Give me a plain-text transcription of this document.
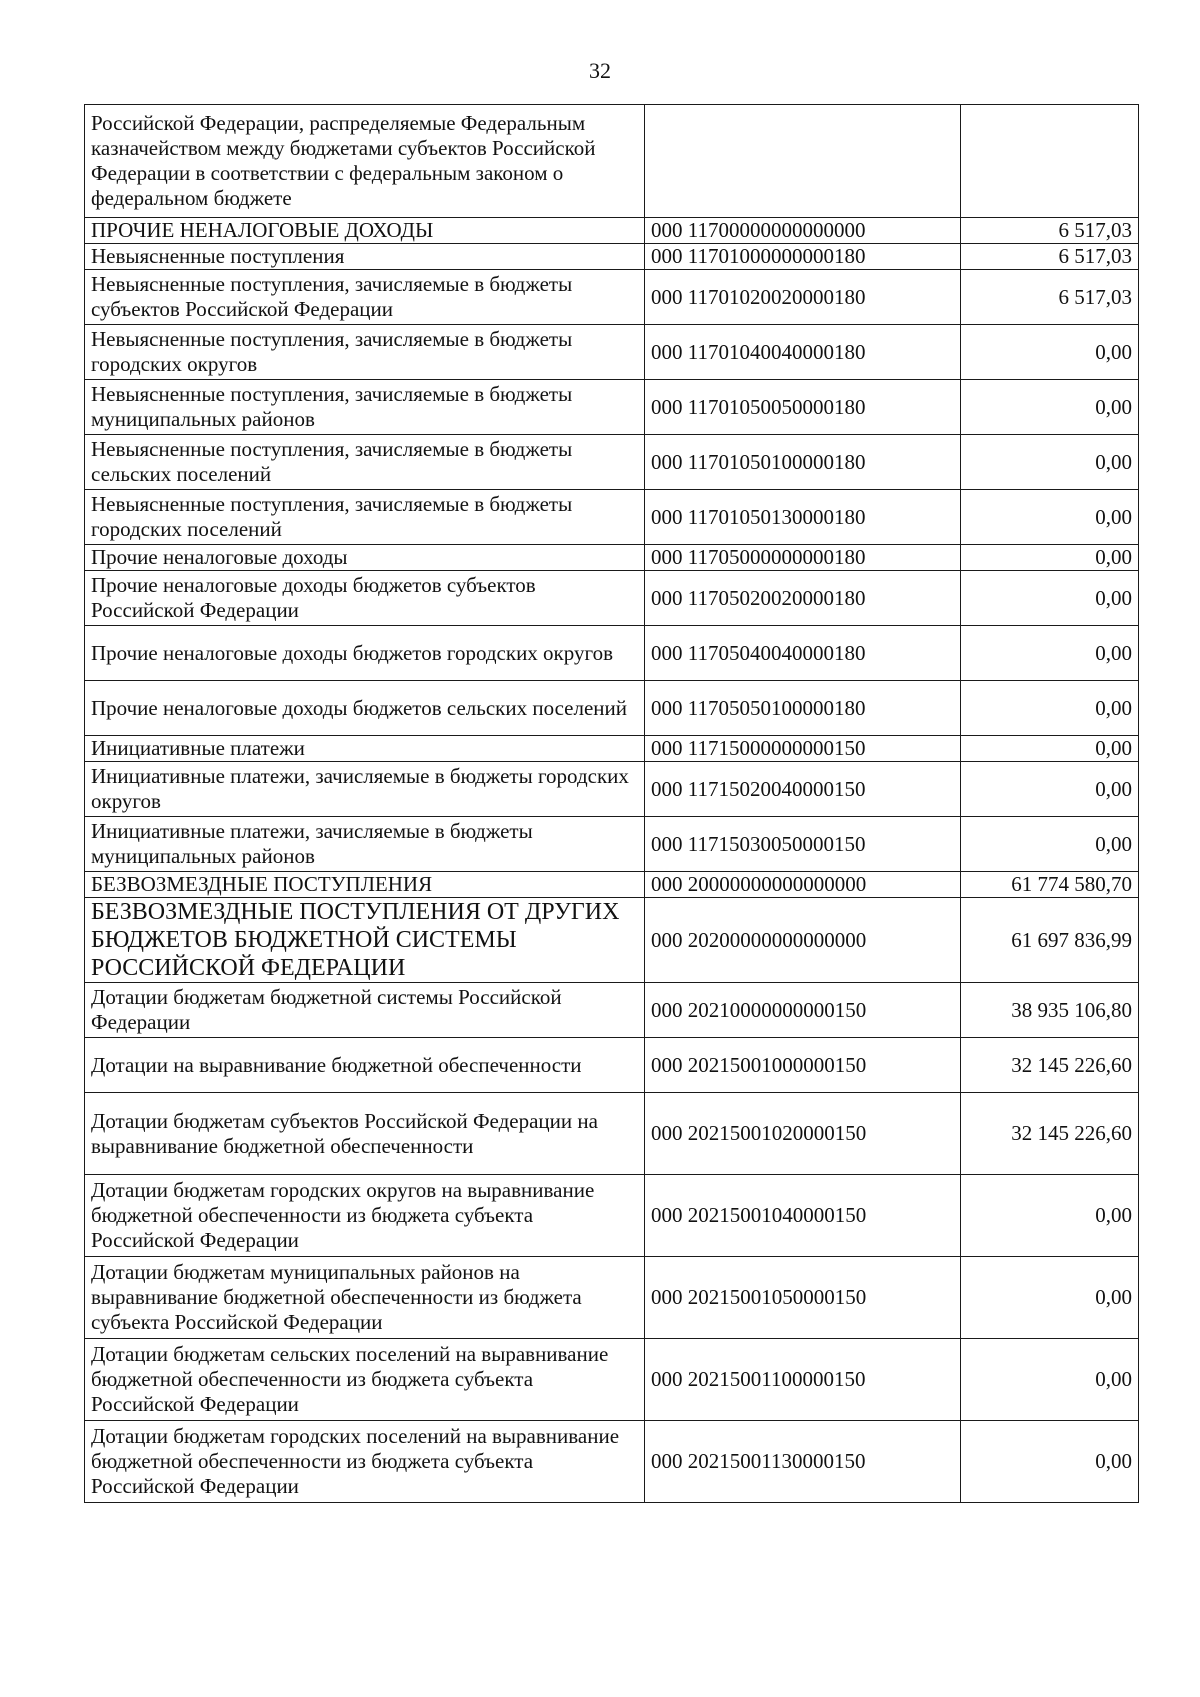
32
Российской Федерации, распределяемые Федеральным казначейством между бюджетами субъектов Российской Федерации в соответствии с федеральным законом о федеральном бюджете		
ПРОЧИЕ НЕНАЛОГОВЫЕ ДОХОДЫ	000 11700000000000000	6 517,03
Невыясненные поступления	000 11701000000000180	6 517,03
Невыясненные поступления, зачисляемые в бюджеты субъектов Российской Федерации	000 11701020020000180	6 517,03
Невыясненные поступления, зачисляемые в бюджеты городских округов	000 11701040040000180	0,00
Невыясненные поступления, зачисляемые в бюджеты муниципальных районов	000 11701050050000180	0,00
Невыясненные поступления, зачисляемые в бюджеты сельских поселений	000 11701050100000180	0,00
Невыясненные поступления, зачисляемые в бюджеты городских поселений	000 11701050130000180	0,00
Прочие неналоговые доходы	000 11705000000000180	0,00
Прочие неналоговые доходы бюджетов субъектов Российской Федерации	000 11705020020000180	0,00
Прочие неналоговые доходы бюджетов городских округов	000 11705040040000180	0,00
Прочие неналоговые доходы бюджетов сельских поселений	000 11705050100000180	0,00
Инициативные платежи	000 11715000000000150	0,00
Инициативные платежи, зачисляемые в бюджеты городских округов	000 11715020040000150	0,00
Инициативные платежи, зачисляемые в бюджеты муниципальных районов	000 11715030050000150	0,00
БЕЗВОЗМЕЗДНЫЕ ПОСТУПЛЕНИЯ	000 20000000000000000	61 774 580,70
БЕЗВОЗМЕЗДНЫЕ ПОСТУПЛЕНИЯ ОТ ДРУГИХ БЮДЖЕТОВ БЮДЖЕТНОЙ СИСТЕМЫ РОССИЙСКОЙ ФЕДЕРАЦИИ	000 20200000000000000	61 697 836,99
Дотации бюджетам бюджетной системы Российской Федерации	000 20210000000000150	38 935 106,80
Дотации на выравнивание бюджетной обеспеченности	000 20215001000000150	32 145 226,60
Дотации бюджетам субъектов Российской Федерации на выравнивание бюджетной обеспеченности	000 20215001020000150	32 145 226,60
Дотации бюджетам городских округов на выравнивание бюджетной обеспеченности из бюджета субъекта Российской Федерации	000 20215001040000150	0,00
Дотации бюджетам муниципальных районов на выравнивание бюджетной обеспеченности из бюджета субъекта Российской Федерации	000 20215001050000150	0,00
Дотации бюджетам сельских поселений на выравнивание бюджетной обеспеченности из бюджета субъекта Российской Федерации	000 20215001100000150	0,00
Дотации бюджетам городских поселений на выравнивание бюджетной обеспеченности из бюджета субъекта Российской Федерации	000 20215001130000150	0,00
